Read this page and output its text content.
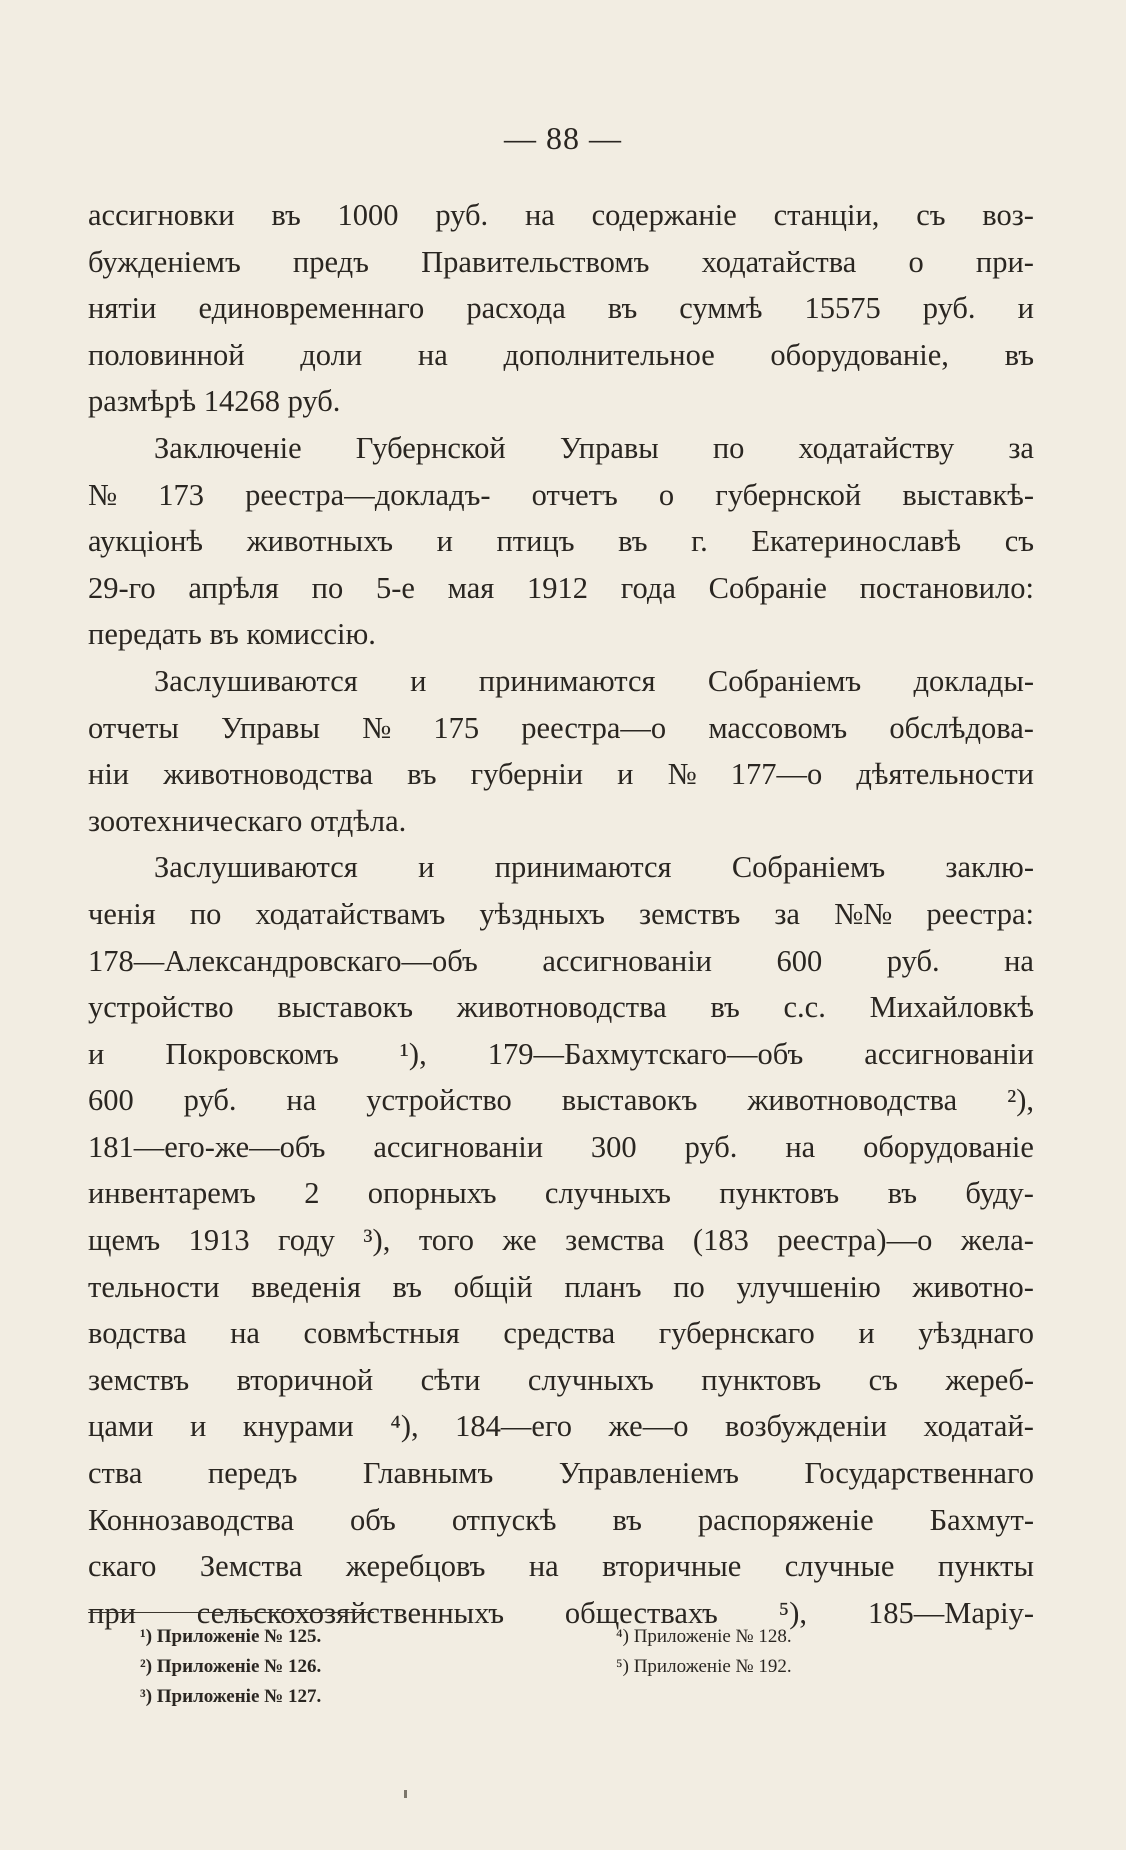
— 88 —
ассигновки въ 1000 руб. на содержаніе станціи, съ воз-
бужденіемъ предъ Правительствомъ ходатайства о при-
нятіи единовременнаго расхода въ суммѣ 15575 руб. и
половинной доли на дополнительное оборудованіе, въ
размѣрѣ 14268 руб.
Заключеніе Губернской Управы по ходатайству за
№ 173 реестра—докладъ- отчетъ о губернской выставкѣ-
аукціонѣ животныхъ и птицъ въ г. Екатеринославѣ съ
29-го апрѣля по 5-е мая 1912 года Собраніе постановило:
передать въ комиссію.
Заслушиваются и принимаются Собраніемъ доклады-
отчеты Управы № 175 реестра—о массовомъ обслѣдова-
ніи животноводства въ губерніи и № 177—о дѣятельности
зоотехническаго отдѣла.
Заслушиваются и принимаются Собраніемъ заклю-
ченія по ходатайствамъ уѣздныхъ земствъ за №№ реестра:
178—Александровскаго—объ ассигнованіи 600 руб. на
устройство выставокъ животноводства въ с.с. Михайловкѣ
и Покровскомъ ¹), 179—Бахмутскаго—объ ассигнованіи
600 руб. на устройство выставокъ животноводства ²),
181—его-же—объ ассигнованіи 300 руб. на оборудованіе
инвентаремъ 2 опорныхъ случныхъ пунктовъ въ буду-
щемъ 1913 году ³), того же земства (183 реестра)—о жела-
тельности введенія въ общій планъ по улучшенію животно-
водства на совмѣстныя средства губернскаго и уѣзднаго
земствъ вторичной сѣти случныхъ пунктовъ съ жереб-
цами и кнурами ⁴), 184—его же—о возбужденіи ходатай-
ства передъ Главнымъ Управленіемъ Государственнаго
Коннозаводства объ отпускѣ въ распоряженіе Бахмут-
скаго Земства жеребцовъ на вторичные случные пункты
при сельскохозяйственныхъ обществахъ ⁵), 185—Маріу-
¹) Приложеніе № 125.
²) Приложеніе № 126.
³) Приложеніе № 127.
⁴) Приложеніе № 128.
⁵) Приложеніе № 192.
